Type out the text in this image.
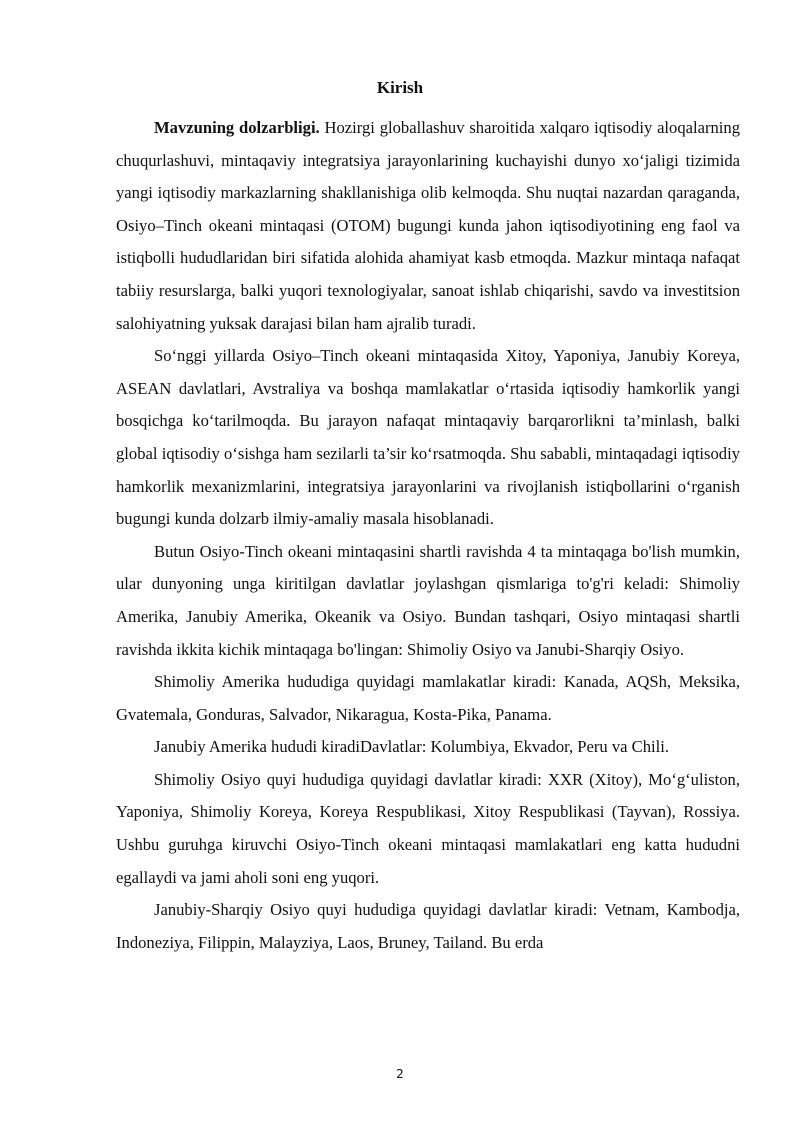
Kirish

Mavzuning dolzarbligi. Hozirgi globallashuv sharoitida xalqaro iqtisodiy aloqalarning chuqurlashuvi, mintaqaviy integratsiya jarayonlarining kuchayishi dunyo xo‘jaligi tizimida yangi iqtisodiy markazlarning shakllanishiga olib kelmoqda. Shu nuqtai nazardan qaraganda, Osiyo–Tinch okeani mintaqasi (OTOM) bugungi kunda jahon iqtisodiyotining eng faol va istiqbolli hududlaridan biri sifatida alohida ahamiyat kasb etmoqda. Mazkur mintaqa nafaqat tabiiy resurslarga, balki yuqori texnologiyalar, sanoat ishlab chiqarishi, savdo va investitsion salohiyatning yuksak darajasi bilan ham ajralib turadi.

So‘nggi yillarda Osiyo–Tinch okeani mintaqasida Xitoy, Yaponiya, Janubiy Koreya, ASEAN davlatlari, Avstraliya va boshqa mamlakatlar o‘rtasida iqtisodiy hamkorlik yangi bosqichga ko‘tarilmoqda. Bu jarayon nafaqat mintaqaviy barqarorlikni ta’minlash, balki global iqtisodiy o‘sishga ham sezilarli ta’sir ko‘rsatmoqda. Shu sababli, mintaqadagi iqtisodiy hamkorlik mexanizmlarini, integratsiya jarayonlarini va rivojlanish istiqbollarini o‘rganish bugungi kunda dolzarb ilmiy-amaliy masala hisoblanadi.

Butun Osiyo-Tinch okeani mintaqasini shartli ravishda 4 ta mintaqaga bo'lish mumkin, ular dunyoning unga kiritilgan davlatlar joylashgan qismlariga to'g'ri keladi: Shimoliy Amerika, Janubiy Amerika, Okeanik va Osiyo. Bundan tashqari, Osiyo mintaqasi shartli ravishda ikkita kichik mintaqaga bo'lingan: Shimoliy Osiyo va Janubi-Sharqiy Osiyo.

Shimoliy Amerika hududiga quyidagi mamlakatlar kiradi: Kanada, AQSh, Meksika, Gvatemala, Gonduras, Salvador, Nikaragua, Kosta-Pika, Panama.

Janubiy Amerika hududi kiradiDavlatlar: Kolumbiya, Ekvador, Peru va Chili.

Shimoliy Osiyo quyi hududiga quyidagi davlatlar kiradi: XXR (Xitoy), Mo‘g‘uliston, Yaponiya, Shimoliy Koreya, Koreya Respublikasi, Xitoy Respublikasi (Tayvan), Rossiya. Ushbu guruhga kiruvchi Osiyo-Tinch okeani mintaqasi mamlakatlari eng katta hududni egallaydi va jami aholi soni eng yuqori.

Janubiy-Sharqiy Osiyo quyi hududiga quyidagi davlatlar kiradi: Vetnam, Kambodja, Indoneziya, Filippin, Malayziya, Laos, Bruney, Tailand. Bu erda

2
